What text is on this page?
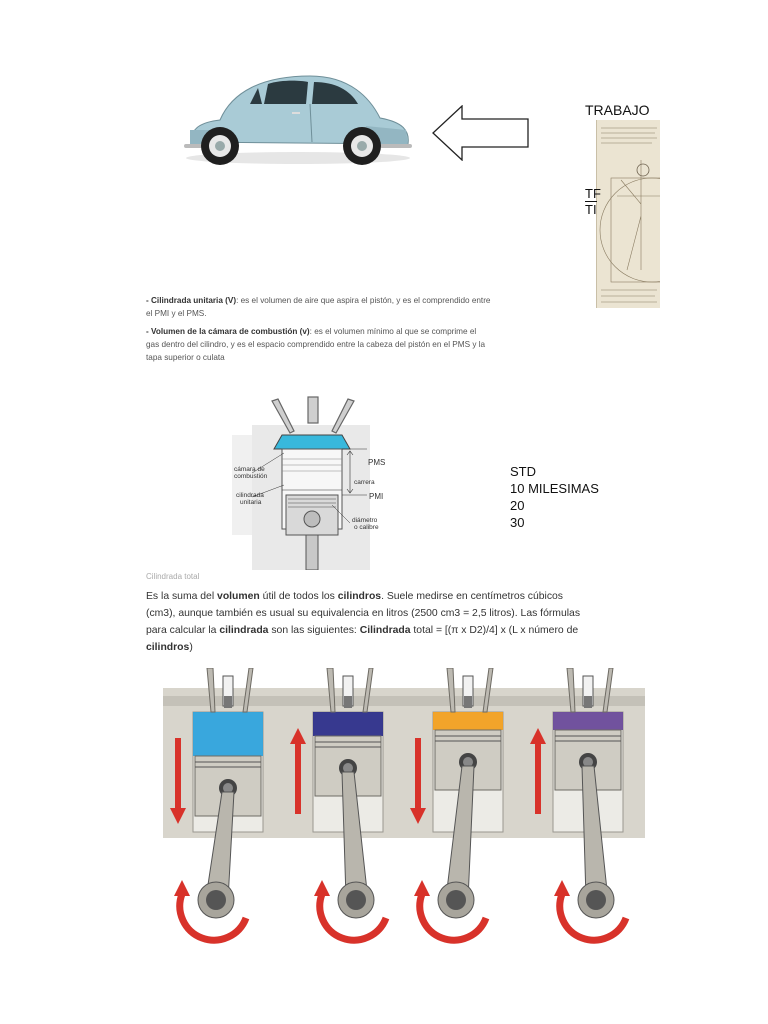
TRABAJO
TF
TI

- Cilindrada unitaria (V): es el volumen de aire que aspira el pistón, y es el comprendido entre el PMI y el PMS.

- Volumen de la cámara de combustión (v): es el volumen mínimo al que se comprime el gas dentro del cilindro, y es el espacio comprendido entre la cabeza del pistón en el PMS y la tapa superior o culata

cámara de
combustión
cilindrada
unitaria
PMS
carrera
PMI
diámetro
o calibre
STD
10 MILESIMAS
20
30
Cilindrada total
Es la suma del volumen útil de todos los cilindros. Suele medirse en centímetros cúbicos (cm3), aunque también es usual su equivalencia en litros (2500 cm3 = 2,5 litros). Las fórmulas para calcular la cilindrada son las siguientes: Cilindrada total = [(π x D2)/4] x (L x número de cilindros)
